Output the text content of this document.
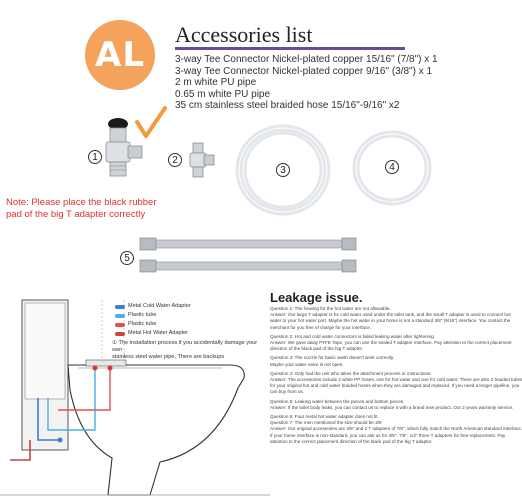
AL
Accessories list
3-way Tee Connector Nickel-plated copper 15/16" (7/8") x 1
3-way Tee Connector Nickel-plated copper 9/16" (3/8") x 1
2 m white PU pipe
0.65 m white PU pipe
35 cm stainless steel braided hose 15/16"-9/16" x2
1	2
3	4
5
Note: Please place the black rubber
pad of the big T adapter correctly
Metal Cold Water Adapter
Plastic tube
Plastic tube
Metal Hot Water Adapter
① The installation process if you accidentally damage your own
stainless steel water pipe, There are backups
Leakage issue.
Question 1: The heating for the hot water are not allowable.
Answer: Our large T adapter is for cold water used under the toilet tank, and the small T adapter is used to connect hot
water to your hot water port. Maybe the hot water in your home is not a standard 3/8" (9/16") interface. You contact the
merchant for you free of charge for your interface.
Question 2: Hot and cold water connectors is failed leaking water after tightening.
Answer: We gave away PTFE Tape, you can use the sealed T adapter interface. Pay attention to the correct placement
direction of the black pad of the big T adapter.
Question 3: The nozzle for basic wash doesn't work correctly.
Maybe your water valve is not open.
Question 4: Only had the unit who takes the attachment process or instructions.
Answer: The accessories include 2 white PP hoses, one for hot water and one for cold water. There are also 2 braided tubes
for your original hot and cold water braided hoses when they are damaged and replaced. If you need a longer pipeline, you
can buy from us.
Question 5: Leaking water between the pieces and bottom pieces.
Answer: If the toilet body leaks, you can contact us to replace it with a brand new product. Our 2 years warranty service.
Question 6: Four metal hot water adapter does not fit.
Question 7: The men mentioned the size should be 3/8
Answer: Our original accessories are 3/8" and 2 T adapters of 7/8", which fully match the North American standard interface.
If your home interface is non-standard, you can ask us for 3/8", 7/8", 1/2" three T adapters for free replacement. Pay
attention to the correct placement direction of the black pad of the big T adapter.
